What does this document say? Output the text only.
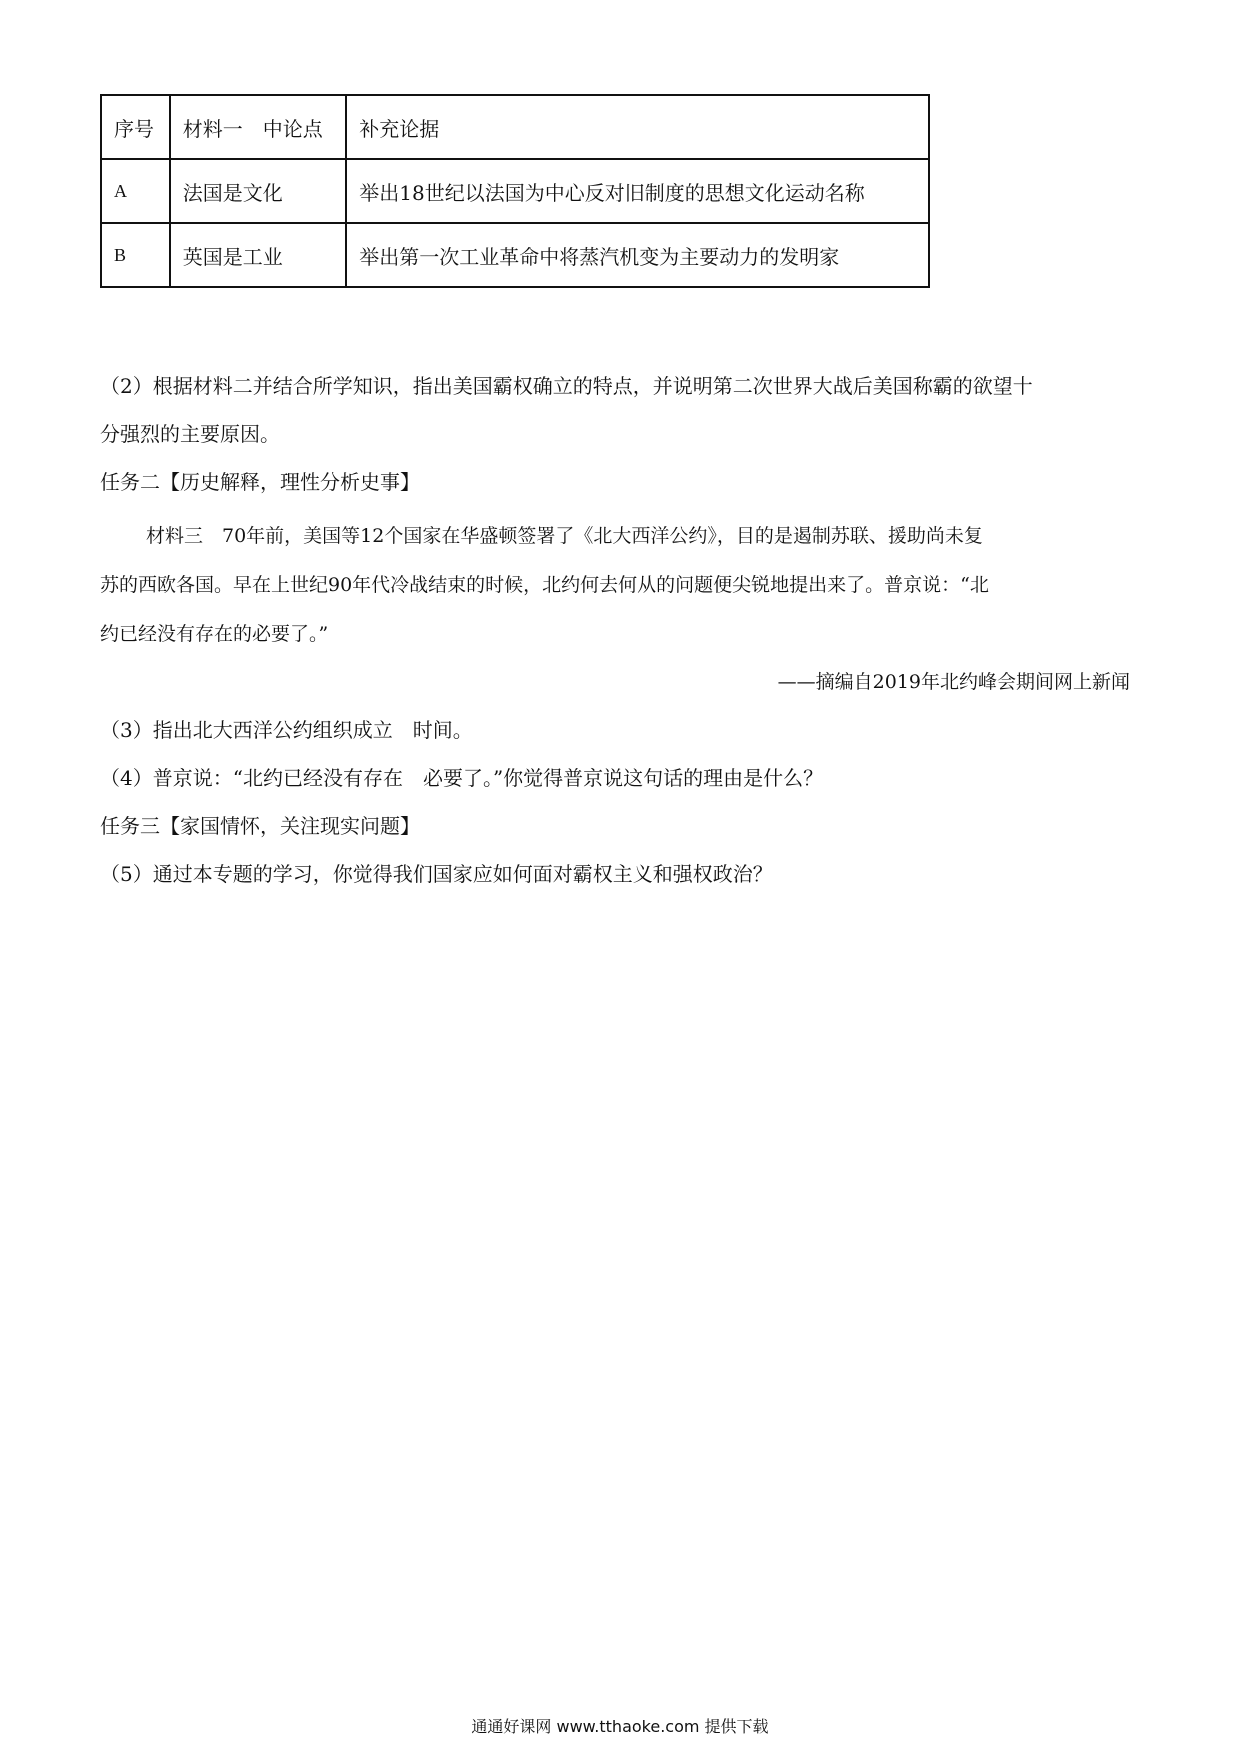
序号	材料一　中论点	补充论据
A	法国是文化	举出18世纪以法国为中心反对旧制度的思想文化运动名称
B	英国是工业	举出第一次工业革命中将蒸汽机变为主要动力的发明家
（2）根据材料二并结合所学知识，指出美国霸权确立的特点，并说明第二次世界大战后美国称霸的欲望十
分强烈的主要原因。
任务二【历史解释，理性分析史事】
材料三　70年前，美国等12个国家在华盛顿签署了《北大西洋公约》，目的是遏制苏联、援助尚未复
苏的西欧各国。早在上世纪90年代冷战结束的时候，北约何去何从的问题便尖锐地提出来了。普京说：“北
约已经没有存在的必要了。”
——摘编自2019年北约峰会期间网上新闻
（3）指出北大西洋公约组织成立　时间。
（4）普京说：“北约已经没有存在　必要了。”你觉得普京说这句话的理由是什么？
任务三【家国情怀，关注现实问题】
（5）通过本专题的学习，你觉得我们国家应如何面对霸权主义和强权政治？
通通好课网 www.tthaoke.com 提供下载
